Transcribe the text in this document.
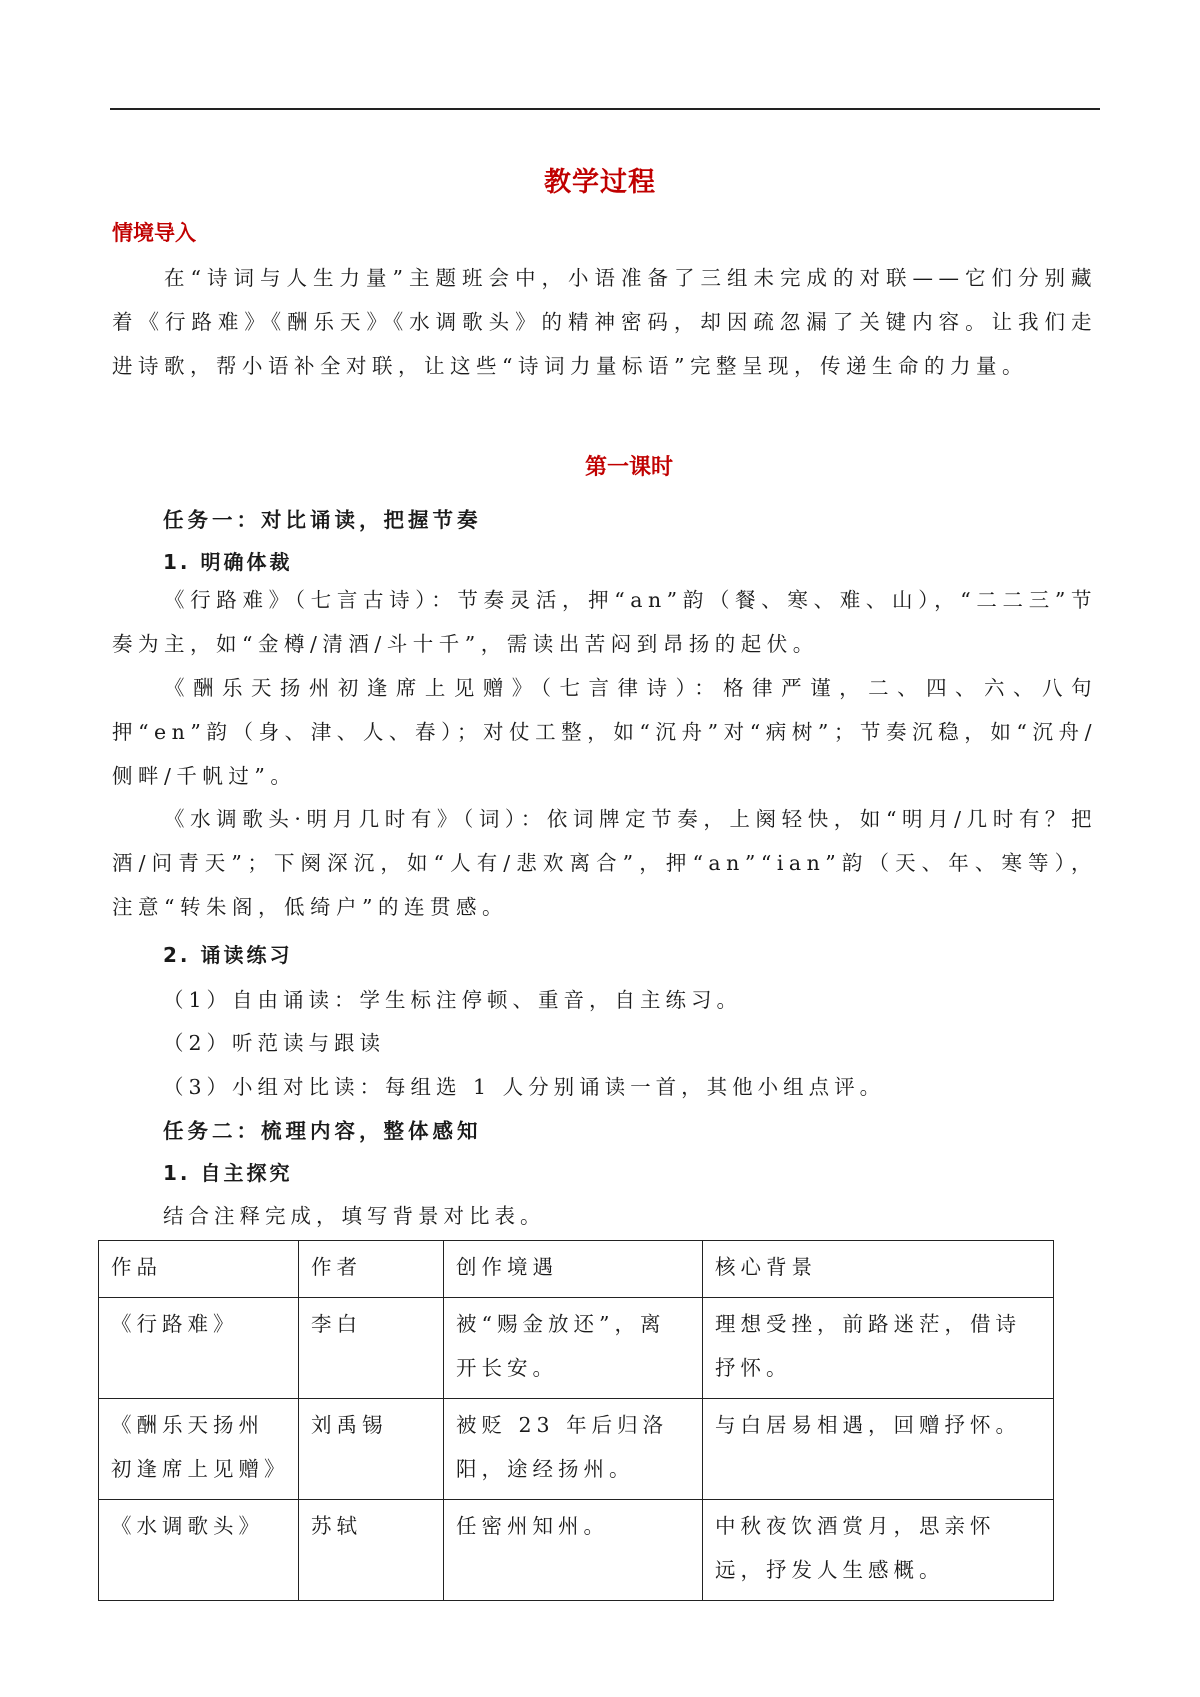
教学过程
情境导入
在“诗词与人生力量”主题班会中，小语准备了三组未完成的对联——它们分别藏着《行路难》《酬乐天》《水调歌头》的精神密码，却因疏忽漏了关键内容。让我们走进诗歌，帮小语补全对联，让这些“诗词力量标语”完整呈现，传递生命的力量。
第一课时
任务一：对比诵读，把握节奏
1. 明确体裁
《行路难》（七言古诗）：节奏灵活，押“an”韵（餐、寒、难、山），“二二三”节奏为主，如“金樽/清酒/斗十千”，需读出苦闷到昂扬的起伏。
《酬乐天扬州初逢席上见赠》（七言律诗）：格律严谨，二、四、六、八句押“en”韵（身、津、人、春）；对仗工整，如“沉舟”对“病树”；节奏沉稳，如“沉舟/侧畔/千帆过”。
《水调歌头·明月几时有》（词）：依词牌定节奏，上阕轻快，如“明月/几时有？把酒/问青天”；下阕深沉，如“人有/悲欢离合”，押“an”“ian”韵（天、年、寒等），注意“转朱阁，低绮户”的连贯感。
2. 诵读练习
（1）自由诵读：学生标注停顿、重音，自主练习。
（2）听范读与跟读
（3）小组对比读：每组选 1 人分别诵读一首，其他小组点评。
任务二：梳理内容，整体感知
1. 自主探究
结合注释完成，填写背景对比表。
作品	作者	创作境遇	核心背景
《行路难》	李白	被“赐金放还”，离开长安。	理想受挫，前路迷茫，借诗抒怀。
《酬乐天扬州初逢席上见赠》	刘禹锡	被贬 23 年后归洛阳，途经扬州。	与白居易相遇，回赠抒怀。
《水调歌头》	苏轼	任密州知州。	中秋夜饮酒赏月，思亲怀远，抒发人生感概。
